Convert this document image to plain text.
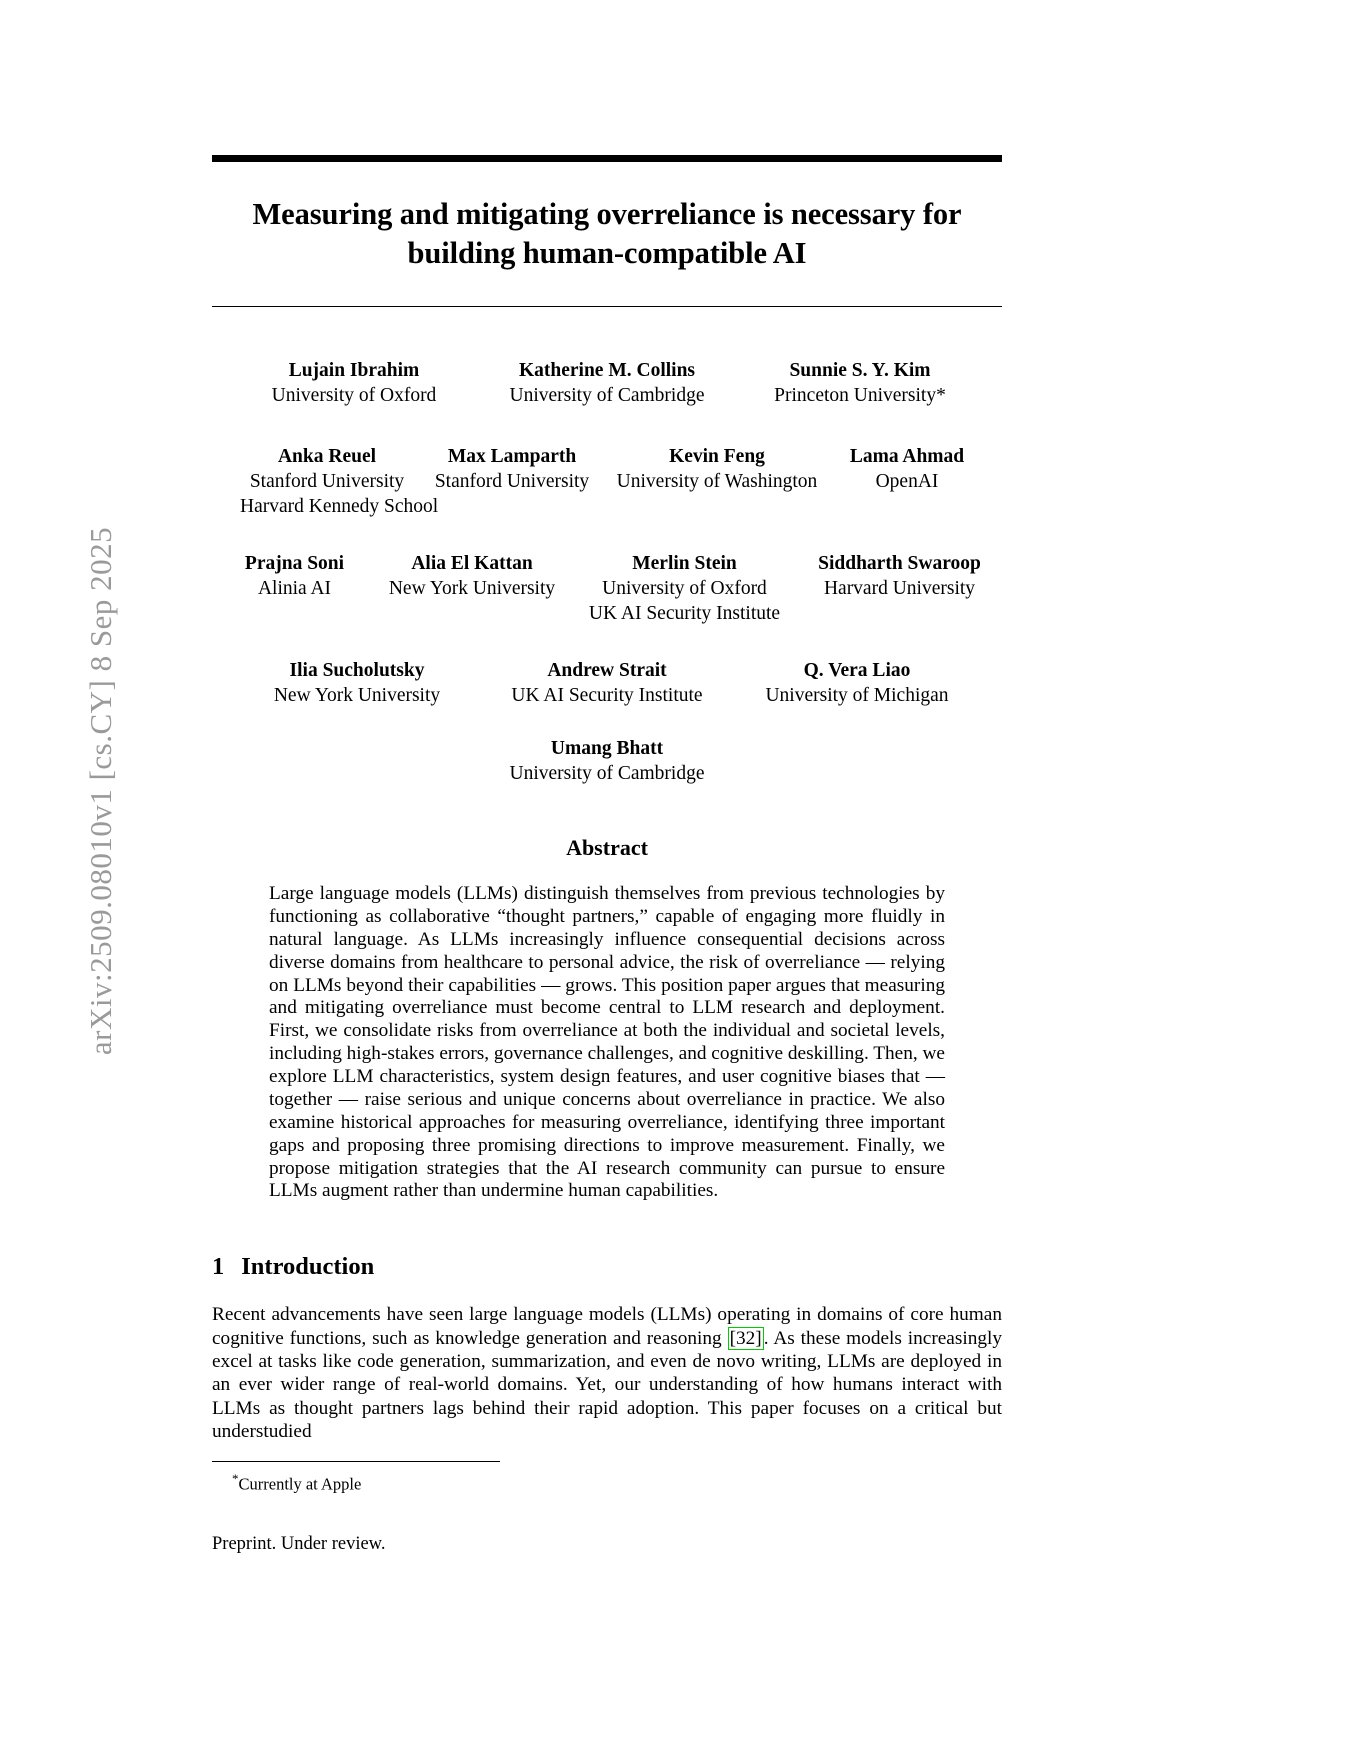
arXiv:2509.08010v1 [cs.CY] 8 Sep 2025
Measuring and mitigating overreliance is necessary for building human-compatible AI
Lujain Ibrahim
University of Oxford
Katherine M. Collins
University of Cambridge
Sunnie S. Y. Kim
Princeton University*
Anka Reuel
Stanford University
Harvard Kennedy School
Max Lamparth
Stanford University
Kevin Feng
University of Washington
Lama Ahmad
OpenAI
Prajna Soni
Alinia AI
Alia El Kattan
New York University
Merlin Stein
University of Oxford
UK AI Security Institute
Siddharth Swaroop
Harvard University
Ilia Sucholutsky
New York University
Andrew Strait
UK AI Security Institute
Q. Vera Liao
University of Michigan
Umang Bhatt
University of Cambridge
Abstract
Large language models (LLMs) distinguish themselves from previous technologies by functioning as collaborative “thought partners,” capable of engaging more fluidly in natural language. As LLMs increasingly influence consequential decisions across diverse domains from healthcare to personal advice, the risk of overreliance — relying on LLMs beyond their capabilities — grows. This position paper argues that measuring and mitigating overreliance must become central to LLM research and deployment. First, we consolidate risks from overreliance at both the individual and societal levels, including high-stakes errors, governance challenges, and cognitive deskilling. Then, we explore LLM characteristics, system design features, and user cognitive biases that — together — raise serious and unique concerns about overreliance in practice. We also examine historical approaches for measuring overreliance, identifying three important gaps and proposing three promising directions to improve measurement. Finally, we propose mitigation strategies that the AI research community can pursue to ensure LLMs augment rather than undermine human capabilities.
1 Introduction
Recent advancements have seen large language models (LLMs) operating in domains of core human cognitive functions, such as knowledge generation and reasoning [32] . As these models increasingly excel at tasks like code generation, summarization, and even de novo writing, LLMs are deployed in an ever wider range of real-world domains. Yet, our understanding of how humans interact with LLMs as thought partners lags behind their rapid adoption. This paper focuses on a critical but understudied
*Currently at Apple
Preprint. Under review.
